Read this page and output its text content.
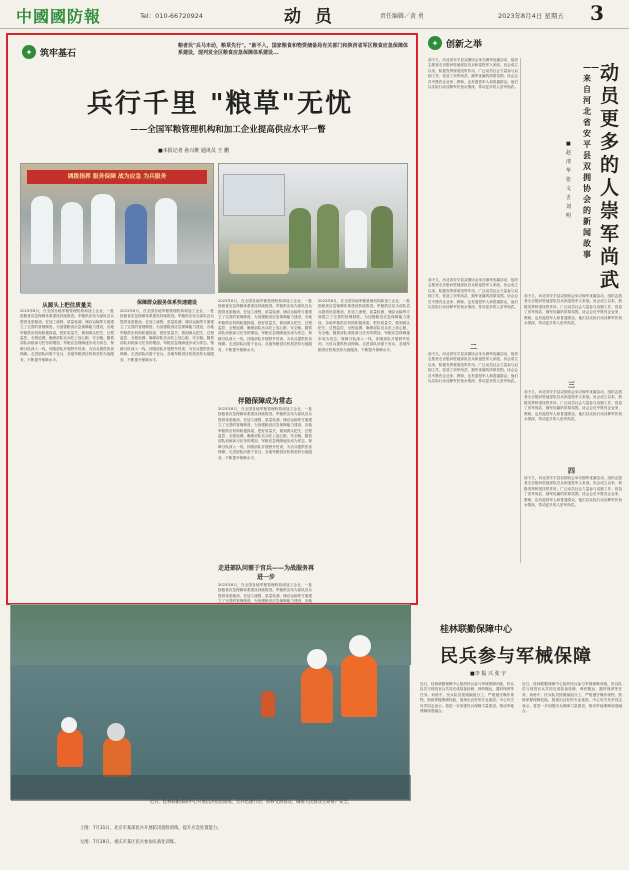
中國國防報	Tel：010-66720924	动 员	责任编辑／黄 勇	2023年8月4日 星期五 3
✦ 筑牢基石
粮者民"兵马未动，粮草先行"。"新不入，国家粮食和物资储备局有关部门和陕西省军区粮食应急保障体系建设，现列发全区粮食应急保障体系建设...
兵行千里 "粮草"无忧
——全国军粮管理机构和加工企业提高供应水平一瞥
■本报记者 孙兴维 通讯员 王 鹏
调拨指挥 服务保障 战为应急 为兵服务
从源头上把住质量关
2023年8月，在全国各地军粮管理机构和加工企业，一批批粮食应急保障体系建设持续推进。军粮供应站为部队官兵提供优质粮油，在加工流程、质量检测、储存运输等方面建立了完善的管理制度。为加强粮食应急保障能力建设，各地军粮供应机构积极探索，把好质量关，做到源头把关、过程监控、全程追溯，确保部队官兵吃上放心粮、安全粮。随着部队训练演习任务的增加，军粮应急保障逐步成为常态，保障分队深入一线，伴随部队开展野外驻训，为官兵提供热食保障。走进部队问需于官兵，各地军粮供应机构坚持为战服务，不断提升保障水平。
保障群众服务体系快速建设
2023年8月，在全国各地军粮管理机构和加工企业，一批批粮食应急保障体系建设持续推进。军粮供应站为部队官兵提供优质粮油，在加工流程、质量检测、储存运输等方面建立了完善的管理制度。为加强粮食应急保障能力建设，各地军粮供应机构积极探索，把好质量关，做到源头把关、过程监控、全程追溯，确保部队官兵吃上放心粮、安全粮。随着部队训练演习任务的增加，军粮应急保障逐步成为常态，保障分队深入一线，伴随部队开展野外驻训，为官兵提供热食保障。走进部队问需于官兵，各地军粮供应机构坚持为战服务，不断提升保障水平。
伴随保障成为常态
2023年8月，在全国各地军粮管理机构和加工企业，一批批粮食应急保障体系建设持续推进。军粮供应站为部队官兵提供优质粮油，在加工流程、质量检测、储存运输等方面建立了完善的管理制度。为加强粮食应急保障能力建设，各地军粮供应机构积极探索，把好质量关，做到源头把关、过程监控、全程追溯，确保部队官兵吃上放心粮、安全粮。随着部队训练演习任务的增加，军粮应急保障逐步成为常态，保障分队深入一线，伴随部队开展野外驻训，为官兵提供热食保障。走进部队问需于官兵，各地军粮供应机构坚持为战服务，不断提升保障水平。
2023年8月，在全国各地军粮管理机构和加工企业，一批批粮食应急保障体系建设持续推进。军粮供应站为部队官兵提供优质粮油，在加工流程、质量检测、储存运输等方面建立了完善的管理制度。为加强粮食应急保障能力建设，各地军粮供应机构积极探索，把好质量关，做到源头把关、过程监控、全程追溯，确保部队官兵吃上放心粮、安全粮。随着部队训练演习任务的增加，军粮应急保障逐步成为常态，保障分队深入一线，伴随部队开展野外驻训，为官兵提供热食保障。走进部队问需于官兵，各地军粮供应机构坚持为战服务，不断提升保障水平。
走进部队问需于官兵——为战服务再进一步
2023年8月，在全国各地军粮管理机构和加工企业，一批批粮食应急保障体系建设持续推进。军粮供应站为部队官兵提供优质粮油，在加工流程、质量检测、储存运输等方面建立了完善的管理制度。为加强粮食应急保障能力建设，各地
2023年8月，在全国各地军粮管理机构和加工企业，一批批粮食应急保障体系建设持续推进。军粮供应站为部队官兵提供优质粮油，在加工流程、质量检测、储存运输等方面建立了完善的管理制度。为加强粮食应急保障能力建设，各地军粮供应机构积极探索，把好质量关，做到源头把关、过程监控、全程追溯，确保部队官兵吃上放心粮、安全粮。随着部队训练演习任务的增加，军粮应急保障逐步成为常态，保障分队深入一线，伴随部队开展野外驻训，为官兵提供热食保障。走进部队问需于官兵，各地军粮供应机构坚持为战服务，不断提升保障水平。
✦ 创新之举
前不久，河北省安平县双拥协会举办拥军优属活动，组织志愿者走访慰问驻地部队官兵和退役军人家庭。协会成立以来，积极发挥桥梁纽带作用，广泛动员社会力量参与双拥工作，营造了崇军尚武、拥军优属的浓厚氛围。协会会员中既有企业家、教师，也有退役军人和普通群众，他们以实际行动诠释军民鱼水情深，带动更多的人崇军尚武。
前不久，河北省安平县双拥协会举办拥军优属活动，组织志愿者走访慰问驻地部队官兵和退役军人家庭。协会成立以来，积极发挥桥梁纽带作用，广泛动员社会力量参与双拥工作，营造了崇军尚武、拥军优属的浓厚氛围。协会会员中既有企业家、教师，也有退役军人和普通群众，他们以实际行动诠释军民鱼水情深，带动更多的人崇军尚武。
二
前不久，河北省安平县双拥协会举办拥军优属活动，组织志愿者走访慰问驻地部队官兵和退役军人家庭。协会成立以来，积极发挥桥梁纽带作用，广泛动员社会力量参与双拥工作，营造了崇军尚武、拥军优属的浓厚氛围。协会会员中既有企业家、教师，也有退役军人和普通群众，他们以实际行动诠释军民鱼水情深，带动更多的人崇军尚武。
动员更多的人崇军尚武
——来自河北省安平县双拥协会的新闻故事
■赵 清 华 张 文 舌 刘 明
前不久，河北省安平县双拥协会举办拥军优属活动，组织志愿者走访慰问驻地部队官兵和退役军人家庭。协会成立以来，积极发挥桥梁纽带作用，广泛动员社会力量参与双拥工作，营造了崇军尚武、拥军优属的浓厚氛围。协会会员中既有企业家、教师，也有退役军人和普通群众，他们以实际行动诠释军民鱼水情深，带动更多的人崇军尚武。
三
前不久，河北省安平县双拥协会举办拥军优属活动，组织志愿者走访慰问驻地部队官兵和退役军人家庭。协会成立以来，积极发挥桥梁纽带作用，广泛动员社会力量参与双拥工作，营造了崇军尚武、拥军优属的浓厚氛围。协会会员中既有企业家、教师，也有退役军人和普通群众，他们以实际行动诠释军民鱼水情深，带动更多的人崇军尚武。
四
前不久，河北省安平县双拥协会举办拥军优属活动，组织志愿者走访慰问驻地部队官兵和退役军人家庭。协会成立以来，积极发挥桥梁纽带作用，广泛动员社会力量参与双拥工作，营造了崇军尚武、拥军优属的浓厚氛围。协会会员中既有企业家、教师，也有退役军人和普通群众，他们以实际行动诠释军民鱼水情深，带动更多的人崇军尚武。
近日，桂林联勤保障中心开展抗洪抢险演练，官兵迅速行动，转移受困群众，确保人民群众生命财产安全。
上图：7月31日，北京市某部民兵开展防汛抢险训练，提升应急处置能力。
左图：7月28日，重庆市某区民兵参加实战化训练。
桂林联勤保障中心
民兵参与军械保障
■李 振 兴 张 宇
近日，桂林联勤保障中心组织民兵参与军械保障训练，民兵队员与现役官兵共同完成装备检修、弹药搬运、器材保养等任务。训练中，民兵队员按照编组分工，严格遵守操作规程，熟练掌握保障技能，展现出良好的专业素质。中心有关负责同志表示，将进一步加强民兵保障力量建设，推动军地保障深度融合。
近日，桂林联勤保障中心组织民兵参与军械保障训练，民兵队员与现役官兵共同完成装备检修、弹药搬运、器材保养等任务。训练中，民兵队员按照编组分工，严格遵守操作规程，熟练掌握保障技能，展现出良好的专业素质。中心有关负责同志表示，将进一步加强民兵保障力量建设，推动军地保障深度融合。
